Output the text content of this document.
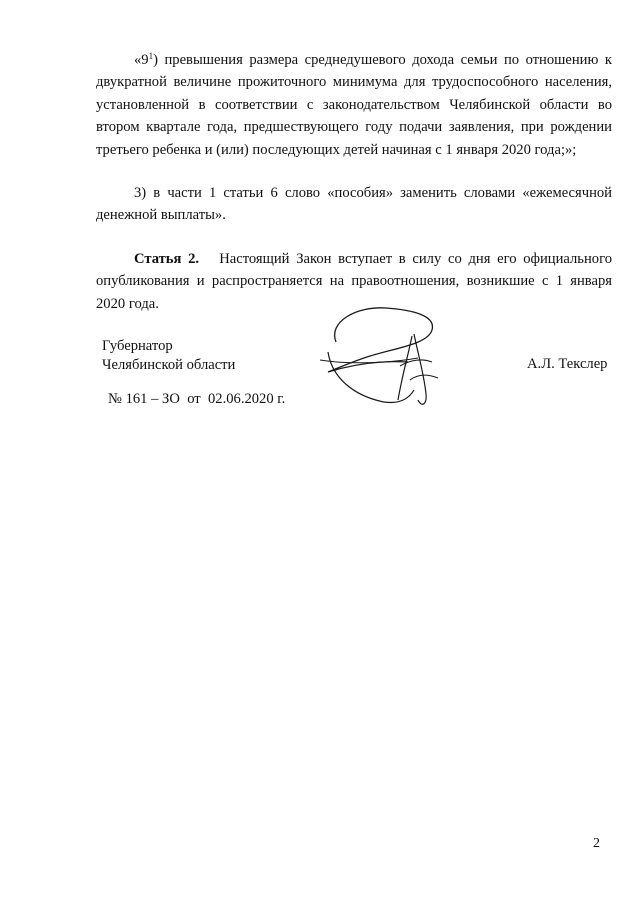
«$9^1$) превышения размера среднедушевого дохода семьи по отношению к двукратной величине прожиточного минимума для трудоспособного населения, установленной в соответствии с законодательством Челябинской области во втором квартале года, предшествующего году подачи заявления, при рождении третьего ребенка и (или) последующих детей начиная с 1 января 2020 года;»;

3) в части 1 статьи 6 слово «пособия» заменить словами «ежемесячной денежной выплаты».

Статья 2. Настоящий Закон вступает в силу со дня его официального опубликования и распространяется на правоотношения, возникшие с 1 января 2020 года.

Губернатор
Челябинской области	А.Л. Текслер
№ 161 – ЗО  от  02.06.2020 г.
2
